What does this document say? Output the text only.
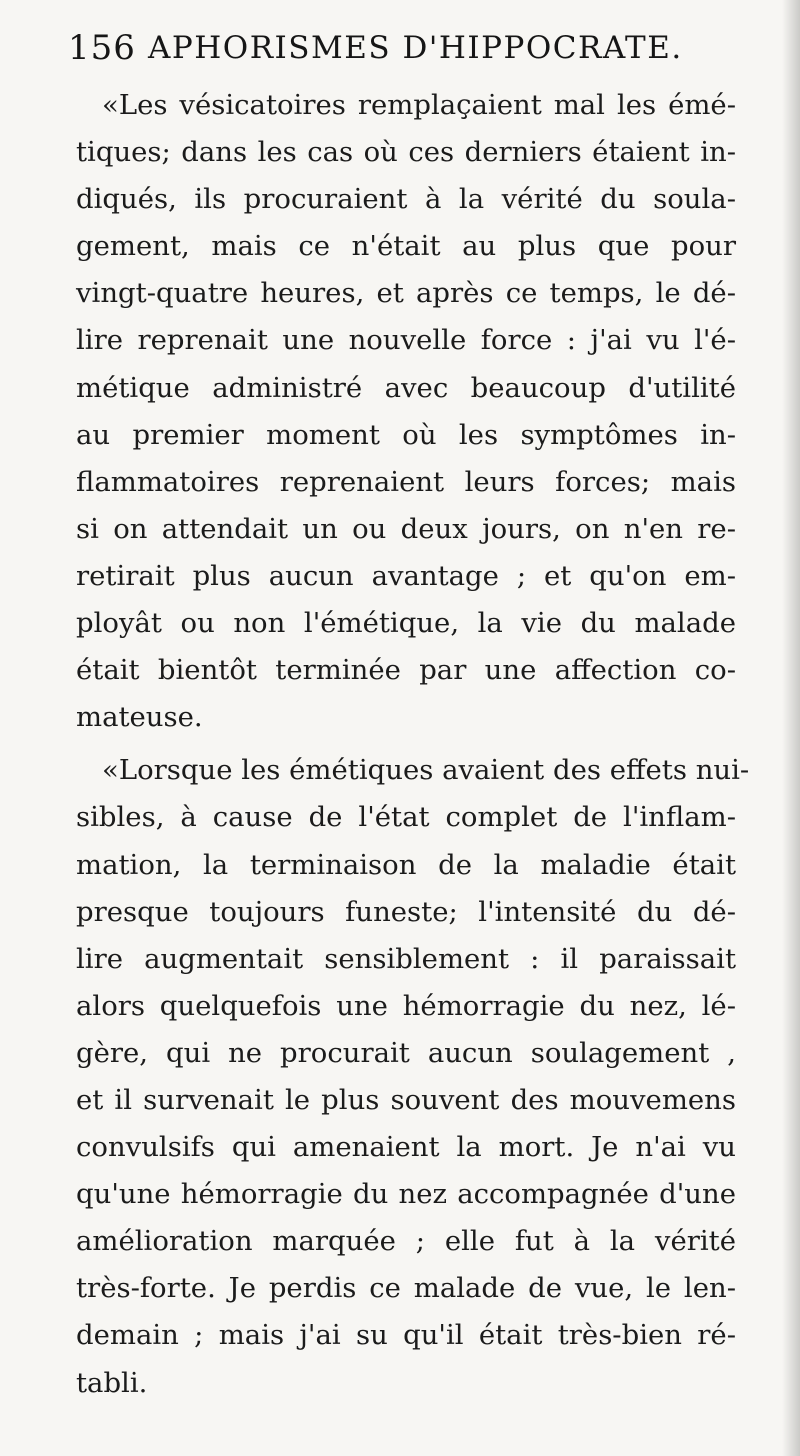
156 APHORISMES D'HIPPOCRATE.
«Les vésicatoires remplaçaient mal les émé-
tiques; dans les cas où ces derniers étaient in-
diqués, ils procuraient à la vérité du soula-
gement, mais ce n'était au plus que pour
vingt-quatre heures, et après ce temps, le dé-
lire reprenait une nouvelle force : j'ai vu l'é-
métique administré avec beaucoup d'utilité
au premier moment où les symptômes in-
flammatoires reprenaient leurs forces; mais
si on attendait un ou deux jours, on n'en re-
retirait plus aucun avantage ; et qu'on em-
ployât ou non l'émétique, la vie du malade
était bientôt terminée par une affection co-
mateuse.
«Lorsque les émétiques avaient des effets nui-
sibles, à cause de l'état complet de l'inflam-
mation, la terminaison de la maladie était
presque toujours funeste; l'intensité du dé-
lire augmentait sensiblement : il paraissait
alors quelquefois une hémorragie du nez, lé-
gère, qui ne procurait aucun soulagement ,
et il survenait le plus souvent des mouvemens
convulsifs qui amenaient la mort. Je n'ai vu
qu'une hémorragie du nez accompagnée d'une
amélioration marquée ; elle fut à la vérité
très-forte. Je perdis ce malade de vue, le len-
demain ; mais j'ai su qu'il était très-bien ré-
tabli.
